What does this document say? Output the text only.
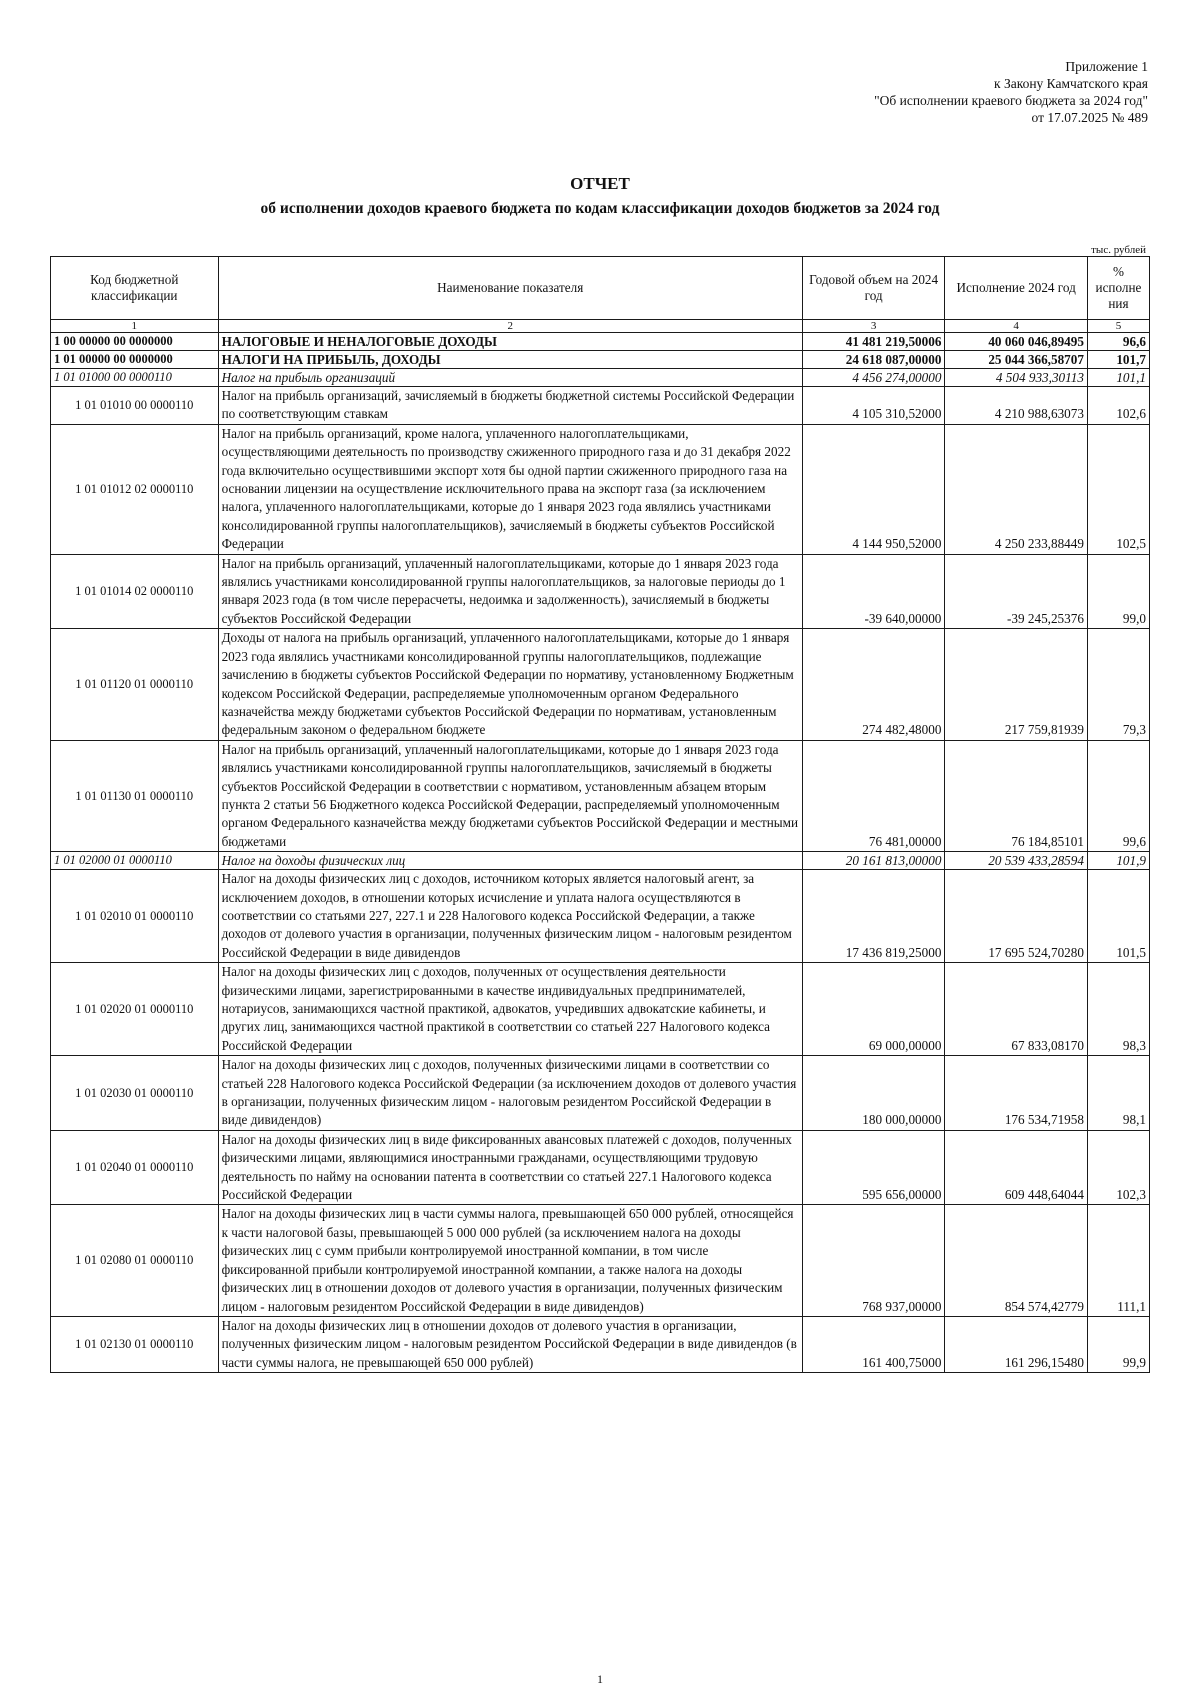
Приложение 1
к Закону Камчатского края
"Об исполнении краевого бюджета за 2024 год"
от 17.07.2025 № 489
ОТЧЕТ
об исполнении доходов краевого бюджета по кодам классификации доходов бюджетов за 2024 год
тыс. рублей
Код бюджетной классификации	Наименование показателя	Годовой объем на 2024 год	Исполнение 2024 год	% исполне ния
1	2	3	4	5
1 00 00000 00 0000000	НАЛОГОВЫЕ И НЕНАЛОГОВЫЕ ДОХОДЫ	41 481 219,50006	40 060 046,89495	96,6
1 01 00000 00 0000000	НАЛОГИ НА ПРИБЫЛЬ, ДОХОДЫ	24 618 087,00000	25 044 366,58707	101,7
1 01 01000 00 0000110	Налог на прибыль организаций	4 456 274,00000	4 504 933,30113	101,1
1 01 01010 00 0000110	Налог на прибыль организаций, зачисляемый в бюджеты бюджетной системы Российской Федерации по соответствующим ставкам	4 105 310,52000	4 210 988,63073	102,6
1 01 01012 02 0000110	Налог на прибыль организаций, кроме налога, уплаченного налогоплательщиками, осуществляющими деятельность по производству сжиженного природного газа и до 31 декабря 2022 года включительно осуществившими экспорт хотя бы одной партии сжиженного природного газа на основании лицензии на осуществление исключительного права на экспорт газа (за исключением налога, уплаченного налогоплательщиками, которые до 1 января 2023 года являлись участниками консолидированной группы налогоплательщиков), зачисляемый в бюджеты субъектов Российской Федерации	4 144 950,52000	4 250 233,88449	102,5
1 01 01014 02 0000110	Налог на прибыль организаций, уплаченный налогоплательщиками, которые до 1 января 2023 года являлись участниками консолидированной группы налогоплательщиков, за налоговые периоды до 1 января 2023 года (в том числе перерасчеты, недоимка и задолженность), зачисляемый в бюджеты субъектов Российской Федерации	-39 640,00000	-39 245,25376	99,0
1 01 01120 01 0000110	Доходы от налога на прибыль организаций, уплаченного налогоплательщиками, которые до 1 января 2023 года являлись участниками консолидированной группы налогоплательщиков, подлежащие зачислению в бюджеты субъектов Российской Федерации по нормативу, установленному Бюджетным кодексом Российской Федерации, распределяемые уполномоченным органом Федерального казначейства между бюджетами субъектов Российской Федерации по нормативам, установленным федеральным законом о федеральном бюджете	274 482,48000	217 759,81939	79,3
1 01 01130 01 0000110	Налог на прибыль организаций, уплаченный налогоплательщиками, которые до 1 января 2023 года являлись участниками консолидированной группы налогоплательщиков, зачисляемый в бюджеты субъектов Российской Федерации в соответствии с нормативом, установленным абзацем вторым пункта 2 статьи 56 Бюджетного кодекса Российской Федерации, распределяемый уполномоченным органом Федерального казначейства между бюджетами субъектов Российской Федерации и местными бюджетами	76 481,00000	76 184,85101	99,6
1 01 02000 01 0000110	Налог на доходы физических лиц	20 161 813,00000	20 539 433,28594	101,9
1 01 02010 01 0000110	Налог на доходы физических лиц с доходов, источником которых является налоговый агент, за исключением доходов, в отношении которых исчисление и уплата налога осуществляются в соответствии со статьями 227, 227.1 и 228 Налогового кодекса Российской Федерации, а также доходов от долевого участия в организации, полученных физическим лицом - налоговым резидентом Российской Федерации в виде дивидендов	17 436 819,25000	17 695 524,70280	101,5
1 01 02020 01 0000110	Налог на доходы физических лиц с доходов, полученных от осуществления деятельности физическими лицами, зарегистрированными в качестве индивидуальных предпринимателей, нотариусов, занимающихся частной практикой, адвокатов, учредивших адвокатские кабинеты, и других лиц, занимающихся частной практикой в соответствии со статьей 227 Налогового кодекса Российской Федерации	69 000,00000	67 833,08170	98,3
1 01 02030 01 0000110	Налог на доходы физических лиц с доходов, полученных физическими лицами в соответствии со статьей 228 Налогового кодекса Российской Федерации (за исключением доходов от долевого участия в организации, полученных физическим лицом - налоговым резидентом Российской Федерации в виде дивидендов)	180 000,00000	176 534,71958	98,1
1 01 02040 01 0000110	Налог на доходы физических лиц в виде фиксированных авансовых платежей с доходов, полученных физическими лицами, являющимися иностранными гражданами, осуществляющими трудовую деятельность по найму на основании патента в соответствии со статьей 227.1 Налогового кодекса Российской Федерации	595 656,00000	609 448,64044	102,3
1 01 02080 01 0000110	Налог на доходы физических лиц в части суммы налога, превышающей 650 000 рублей, относящейся к части налоговой базы, превышающей 5 000 000 рублей (за исключением налога на доходы физических лиц с сумм прибыли контролируемой иностранной компании, в том числе фиксированной прибыли контролируемой иностранной компании, а также налога на доходы физических лиц в отношении доходов от долевого участия в организации, полученных физическим лицом - налоговым резидентом Российской Федерации в виде дивидендов)	768 937,00000	854 574,42779	111,1
1 01 02130 01 0000110	Налог на доходы физических лиц в отношении доходов от долевого участия в организации, полученных физическим лицом - налоговым резидентом Российской Федерации в виде дивидендов (в части суммы налога, не превышающей 650 000 рублей)	161 400,75000	161 296,15480	99,9
1
